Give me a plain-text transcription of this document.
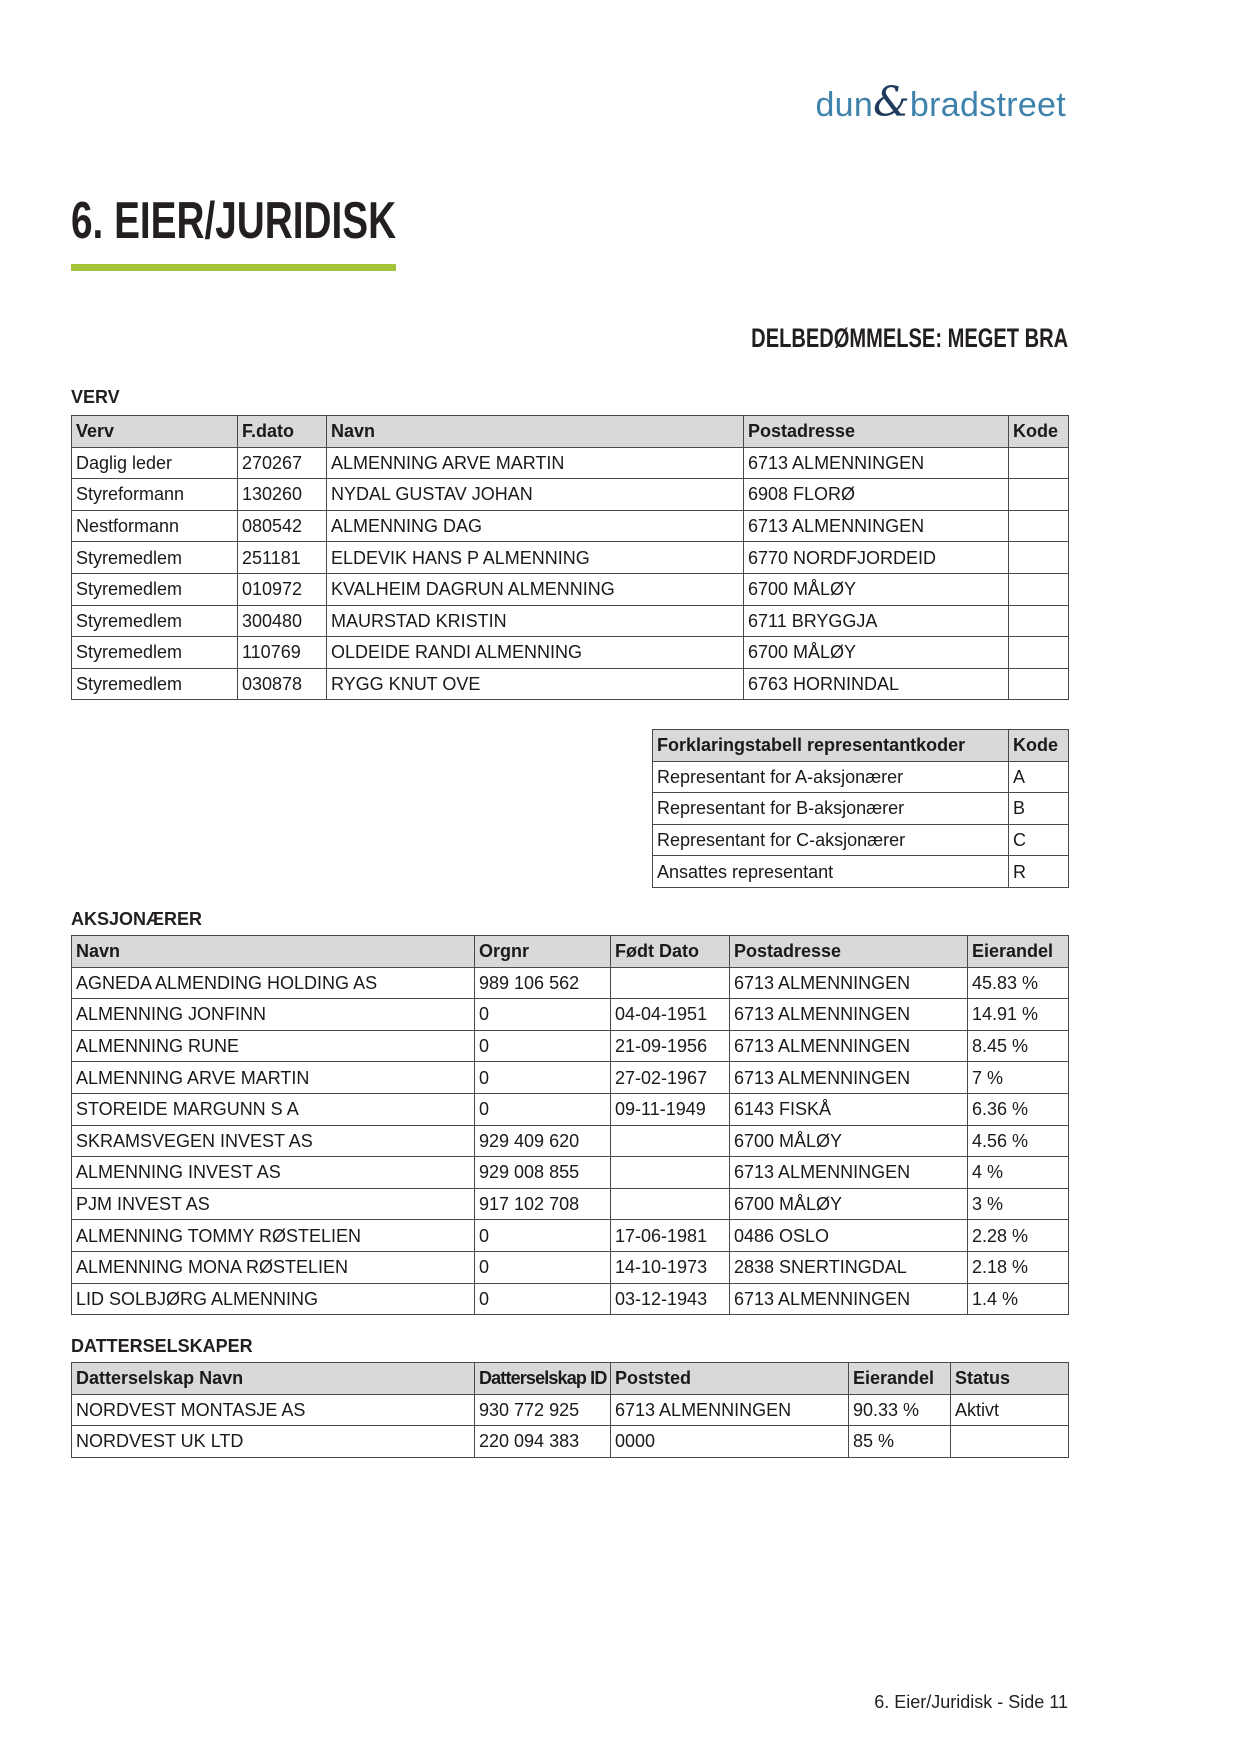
dun&bradstreet
6. EIER/JURIDISK
DELBEDØMMELSE: MEGET BRA
VERV
Verv	F.dato	Navn	Postadresse	Kode
Daglig leder	270267	ALMENNING ARVE MARTIN	6713 ALMENNINGEN	
Styreformann	130260	NYDAL GUSTAV JOHAN	6908 FLORØ	
Nestformann	080542	ALMENNING DAG	6713 ALMENNINGEN	
Styremedlem	251181	ELDEVIK HANS P ALMENNING	6770 NORDFJORDEID	
Styremedlem	010972	KVALHEIM DAGRUN ALMENNING	6700 MÅLØY	
Styremedlem	300480	MAURSTAD KRISTIN	6711 BRYGGJA	
Styremedlem	110769	OLDEIDE RANDI ALMENNING	6700 MÅLØY	
Styremedlem	030878	RYGG KNUT OVE	6763 HORNINDAL	
Forklaringstabell representantkoder	Kode
Representant for A-aksjonærer	A
Representant for B-aksjonærer	B
Representant for C-aksjonærer	C
Ansattes representant	R
AKSJONÆRER
Navn	Orgnr	Født Dato	Postadresse	Eierandel
AGNEDA ALMENDING HOLDING AS	989 106 562		6713 ALMENNINGEN	45.83 %
ALMENNING JONFINN	0	04-04-1951	6713 ALMENNINGEN	14.91 %
ALMENNING RUNE	0	21-09-1956	6713 ALMENNINGEN	8.45 %
ALMENNING ARVE MARTIN	0	27-02-1967	6713 ALMENNINGEN	7 %
STOREIDE MARGUNN S A	0	09-11-1949	6143 FISKÅ	6.36 %
SKRAMSVEGEN INVEST AS	929 409 620		6700 MÅLØY	4.56 %
ALMENNING INVEST AS	929 008 855		6713 ALMENNINGEN	4 %
PJM INVEST AS	917 102 708		6700 MÅLØY	3 %
ALMENNING TOMMY RØSTELIEN	0	17-06-1981	0486 OSLO	2.28 %
ALMENNING MONA RØSTELIEN	0	14-10-1973	2838 SNERTINGDAL	2.18 %
LID SOLBJØRG ALMENNING	0	03-12-1943	6713 ALMENNINGEN	1.4 %
DATTERSELSKAPER
Datterselskap Navn	Datterselskap ID	Poststed	Eierandel	Status
NORDVEST MONTASJE AS	930 772 925	6713 ALMENNINGEN	90.33 %	Aktivt
NORDVEST UK LTD	220 094 383	0000	85 %	
6. Eier/Juridisk - Side 11
